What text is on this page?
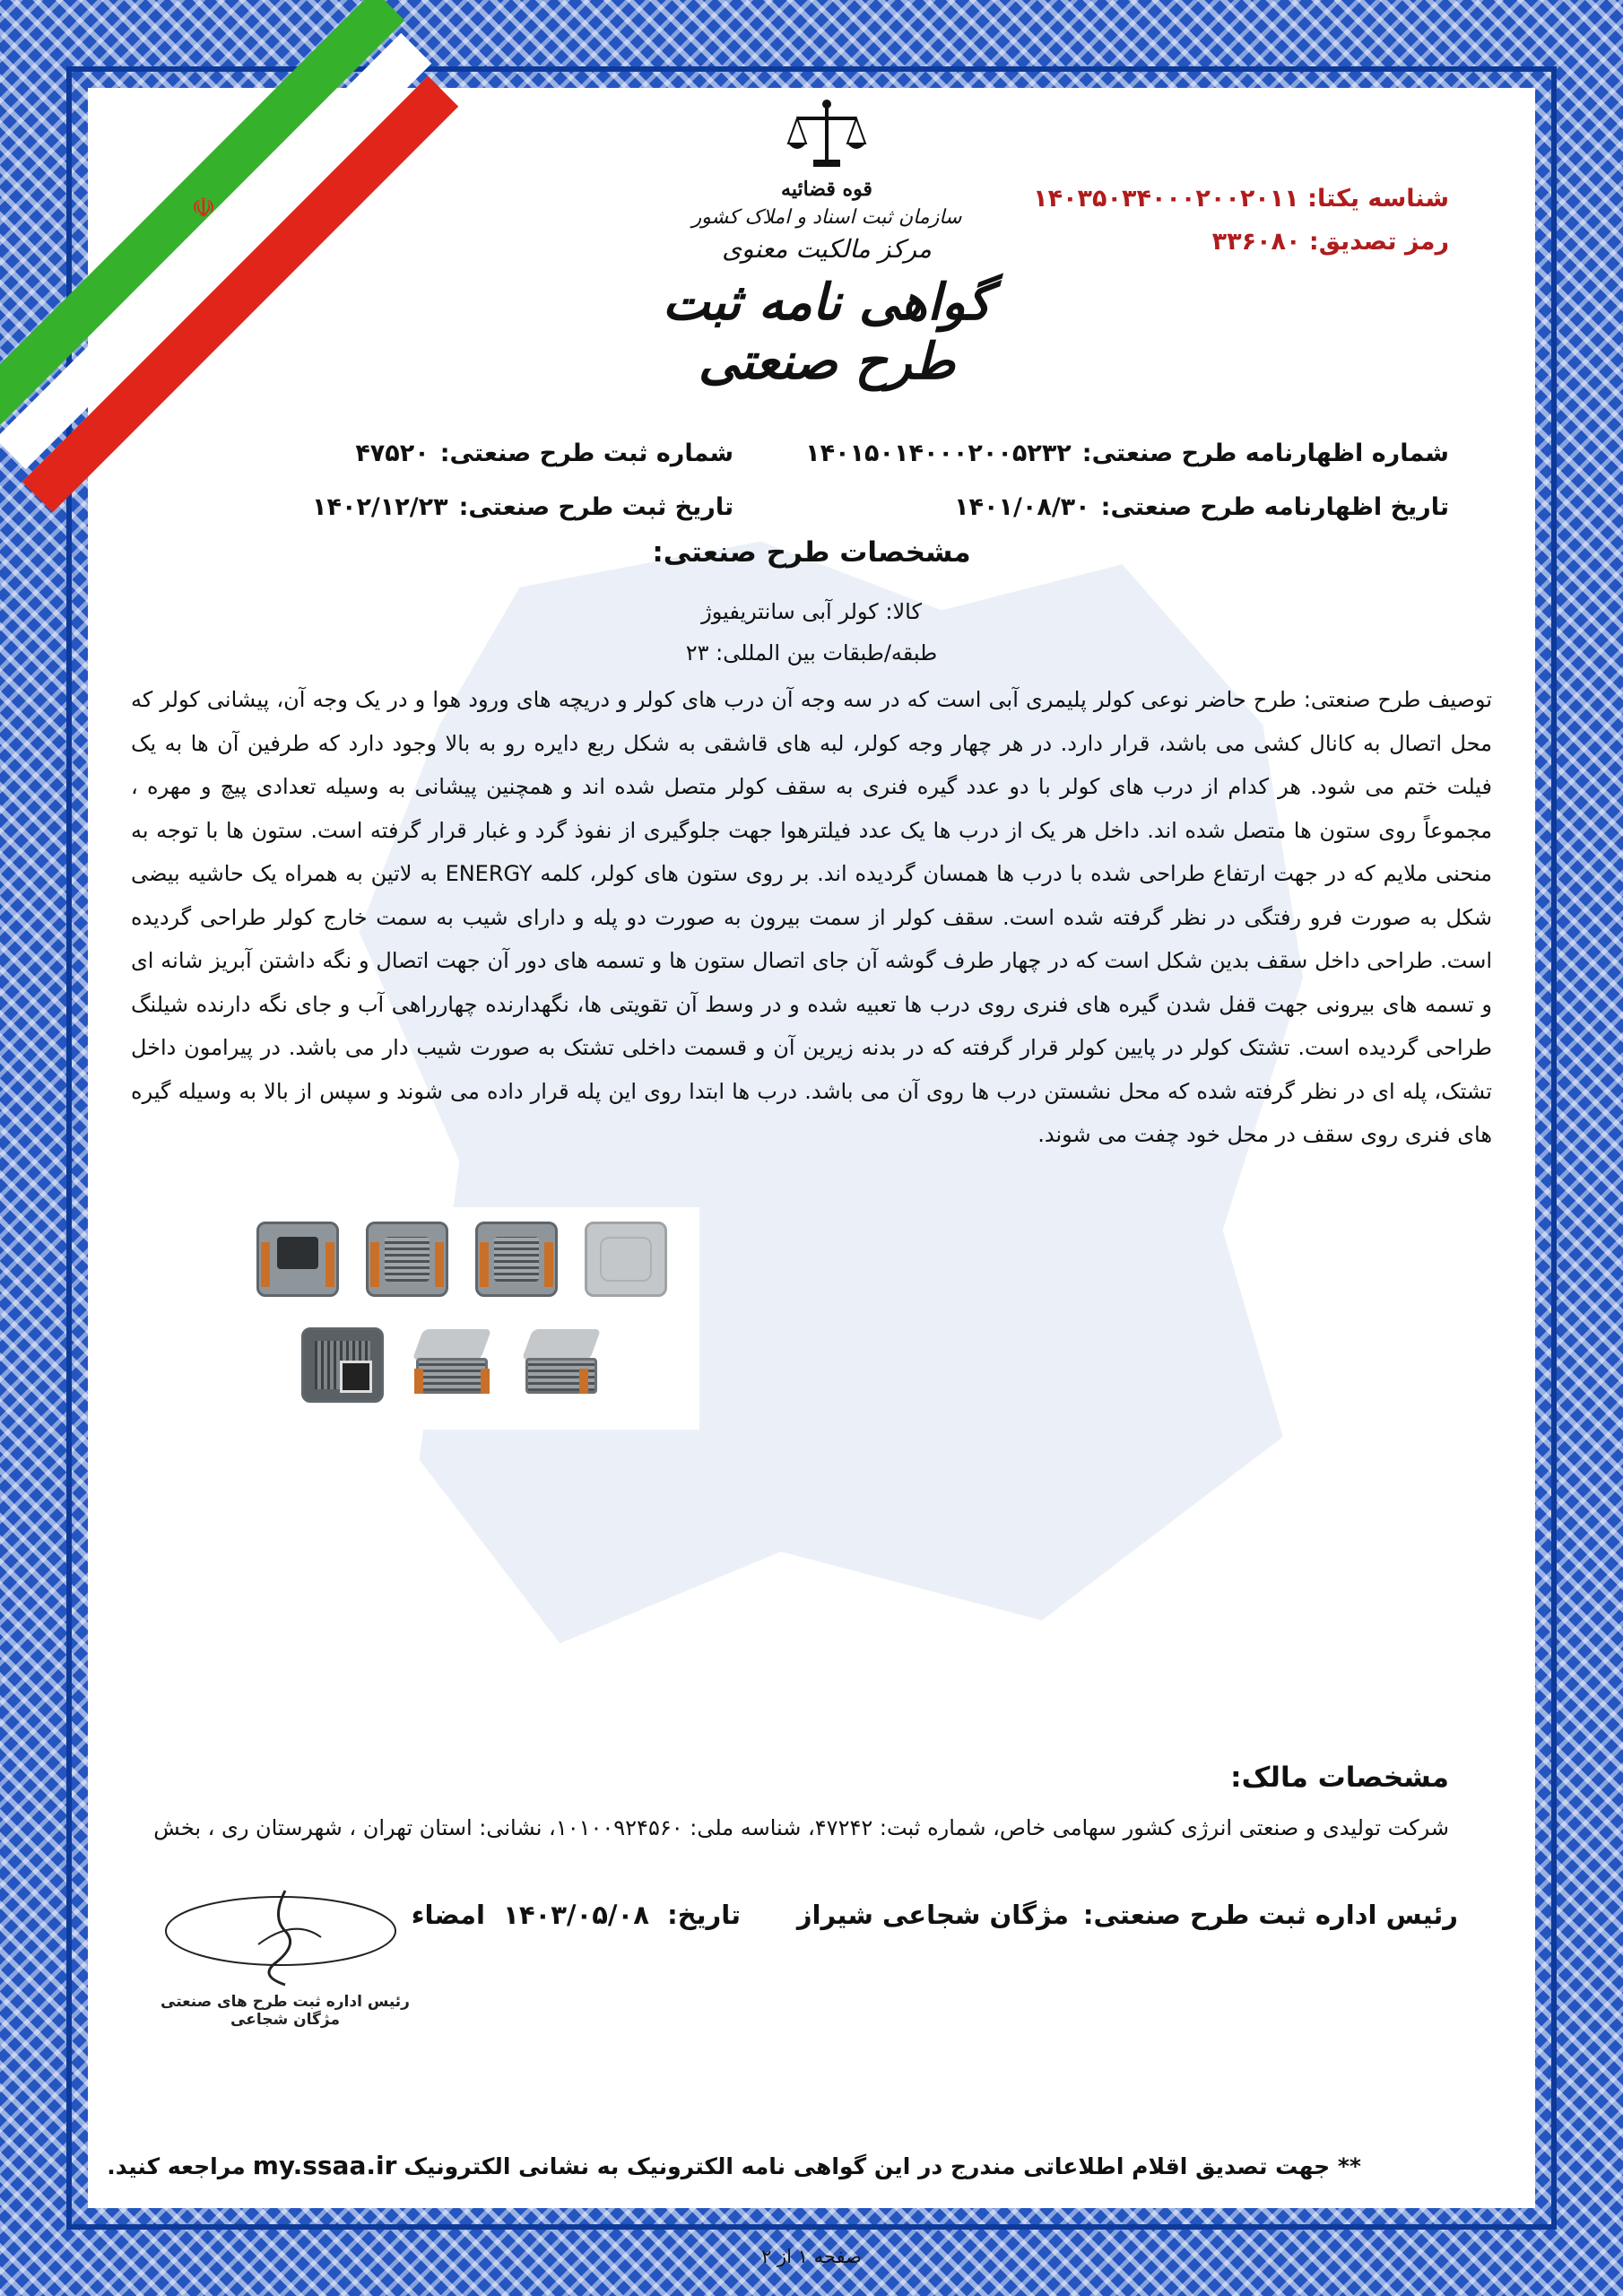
☫
قوه قضائیه
سازمان ثبت اسناد و املاک کشور
مرکز مالکیت معنوی
گواهی نامه ثبت طرح صنعتی
شناسه یکتا: ۱۴۰۳۵۰۳۴۰۰۰۲۰۰۲۰۱۱
رمز تصدیق: ۳۳۶۰۸۰
شماره اظهارنامه طرح صنعتی:۱۴۰۱۵۰۱۴۰۰۰۲۰۰۵۲۳۲
تاریخ اظهارنامه طرح صنعتی:۱۴۰۱/۰۸/۳۰
شماره ثبت طرح صنعتی:۴۷۵۲۰
تاریخ ثبت طرح صنعتی:۱۴۰۲/۱۲/۲۳
مشخصات طرح صنعتی:
کالا: کولر آبی سانتریفیوژ
طبقه/طبقات بین المللی: ۲۳
توصیف طرح صنعتی: طرح حاضر نوعی کولر پلیمری آبی است که در سه وجه آن درب های کولر و دریچه های ورود هوا و در یک وجه آن، پیشانی کولر که محل اتصال به کانال کشی می باشد، قرار دارد. در هر چهار وجه کولر، لبه های قاشقی به شکل ربع دایره رو به بالا وجود دارد که طرفین آن ها به یک فیلت ختم می شود. هر کدام از درب های کولر با دو عدد گیره فنری به سقف کولر متصل شده اند و همچنین پیشانی به وسیله تعدادی پیچ و مهره ، مجموعاً روی ستون ها متصل شده اند. داخل هر یک از درب ها یک عدد فیلترهوا جهت جلوگیری از نفوذ گرد و غبار قرار گرفته است. ستون ها با توجه به منحنی ملایم که در جهت ارتفاع طراحی شده با درب ها همسان گردیده اند. بر روی ستون های کولر، کلمه ENERGY به لاتین به همراه یک حاشیه بیضی شکل به صورت فرو رفتگی در نظر گرفته شده است. سقف کولر از سمت بیرون به صورت دو پله و دارای شیب به سمت خارج کولر طراحی گردیده است. طراحی داخل سقف بدین شکل است که در چهار طرف گوشه آن جای اتصال ستون ها و تسمه های دور آن جهت اتصال و نگه داشتن آبریز شانه ای و تسمه های بیرونی جهت قفل شدن گیره های فنری روی درب ها تعبیه شده و در وسط آن تقویتی ها، نگهدارنده چهارراهی آب و جای نگه دارنده شیلنگ طراحی گردیده است. تشتک کولر در پایین کولر قرار گرفته که در بدنه زیرین آن و قسمت داخلی تشتک به صورت شیب دار می باشد. در پیرامون داخل تشتک، پله ای در نظر گرفته شده که محل نشستن درب ها روی آن می باشد. درب ها ابتدا روی این پله قرار داده می شوند و سپس از بالا به وسیله گیره های فنری روی سقف در محل خود چفت می شوند.
مشخصات مالک:
شرکت تولیدی و صنعتی انرژی کشور سهامی خاص، شماره ثبت: ۴۷۲۴۲، شناسه ملی: ۱۰۱۰۰۹۲۴۵۶۰، نشانی: استان تهران ، شهرستان ری ، بخش
رئیس اداره ثبت طرح صنعتی:
مژگان شجاعی شیراز
تاریخ:  ۱۴۰۳/۰۵/۰۸  امضاء
رئیس اداره ثبت طرح های صنعتی مژگان شجاعی
** جهت تصدیق اقلام اطلاعاتی مندرج در این گواهی نامه الکترونیک به نشانی الکترونیکmy.ssaa.irمراجعه کنید.
صفحه ۱ از ۲
